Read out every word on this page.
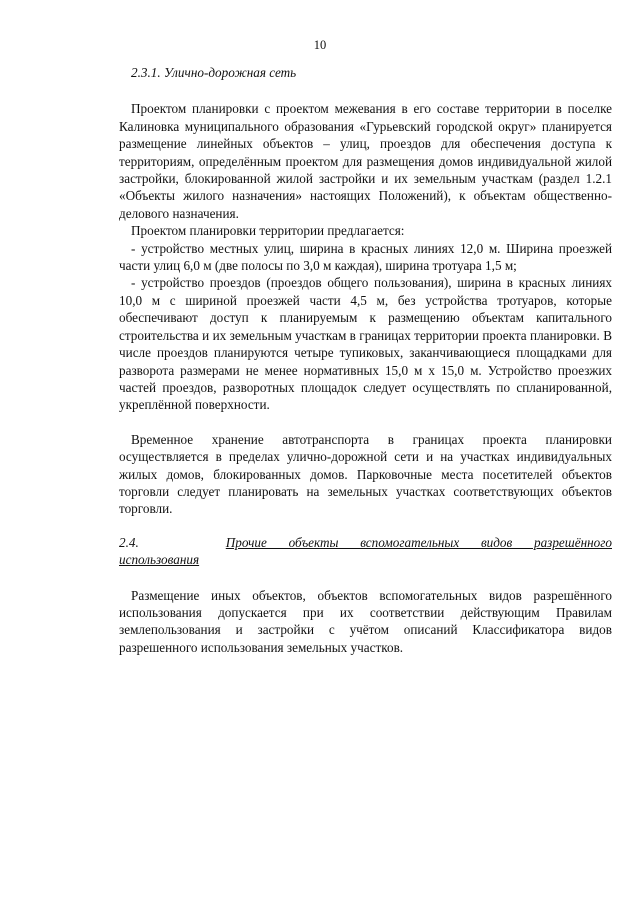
10
2.3.1. Улично-дорожная сеть

Проектом планировки с проектом межевания в его составе территории в поселке Калиновка муниципального образования «Гурьевский городской округ» планируется размещение линейных объектов – улиц, проездов для обеспечения доступа к территориям, определённым проектом для размещения домов индивидуальной жилой застройки, блокированной жилой застройки и их земельным участкам (раздел 1.2.1 «Объекты жилого назначения» настоящих Положений), к объектам общественно-делового назначения.

Проектом планировки территории предлагается:

- устройство местных улиц, ширина в красных линиях 12,0 м. Ширина проезжей части улиц 6,0 м (две полосы по 3,0 м каждая), ширина тротуара 1,5 м;

- устройство проездов (проездов общего пользования), ширина в красных линиях 10,0 м с шириной проезжей части 4,5 м, без устройства тротуаров, которые обеспечивают доступ к планируемым к размещению объектам капитального строительства и их земельным участкам в границах территории проекта планировки. В числе проездов планируются четыре тупиковых, заканчивающиеся площадками для разворота размерами не менее нормативных 15,0 м х 15,0 м. Устройство проезжих частей проездов, разворотных площадок следует осуществлять по спланированной, укреплённой поверхности.

Временное хранение автотранспорта в границах проекта планировки осуществляется в пределах улично-дорожной сети и на участках индивидуальных жилых домов, блокированных домов. Парковочные места посетителей объектов торговли следует планировать на земельных участках соответствующих объектов торговли.

2.4.	Прочие объекты вспомогательных видов разрешённого
использования

Размещение иных объектов, объектов вспомогательных видов разрешённого использования допускается при их соответствии действующим Правилам землепользования и застройки с учётом описаний Классификатора видов разрешенного использования земельных участков.
